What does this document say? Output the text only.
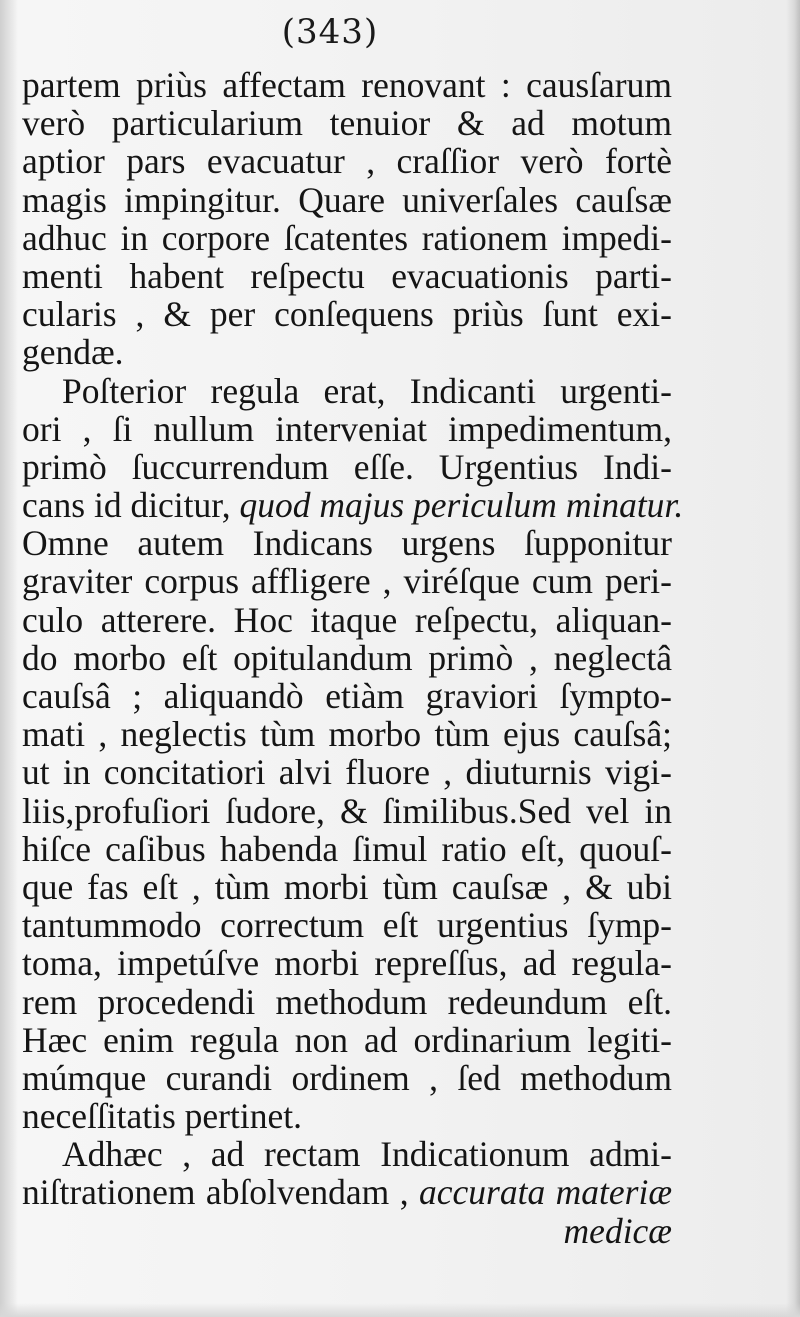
(343)
partem priùs affectam renovant : causſarum
verò particularium tenuior & ad motum
aptior pars evacuatur , craſſior verò fortè
magis impingitur. Quare univerſales cauſsæ
adhuc in corpore ſcatentes rationem impedi-
menti habent reſpectu evacuationis parti-
cularis , & per conſequens priùs ſunt exi-
gendæ.
Poſterior regula erat, Indicanti urgenti-
ori , ſi nullum interveniat impedimentum,
primò ſuccurrendum eſſe. Urgentius Indi-
cans id dicitur, quod majus periculum minatur.
Omne autem Indicans urgens ſupponitur
graviter corpus affligere , viréſque cum peri-
culo atterere. Hoc itaque reſpectu, aliquan-
do morbo eſt opitulandum primò , neglectâ
cauſsâ ; aliquandò etiàm graviori ſympto-
mati , neglectis tùm morbo tùm ejus cauſsâ;
ut in concitatiori alvi fluore , diuturnis vigi-
liis,profuſiori ſudore, & ſimilibus.Sed vel in
hiſce caſibus habenda ſimul ratio eſt, quouſ-
que fas eſt , tùm morbi tùm cauſsæ , & ubi
tantummodo correctum eſt urgentius ſymp-
toma, impetúſve morbi repreſſus, ad regula-
rem procedendi methodum redeundum eſt.
Hæc enim regula non ad ordinarium legiti-
múmque curandi ordinem , ſed methodum
neceſſitatis pertinet.
Adhæc , ad rectam Indicationum admi-
niſtrationem abſolvendam , accurata materiæ
medicæ
